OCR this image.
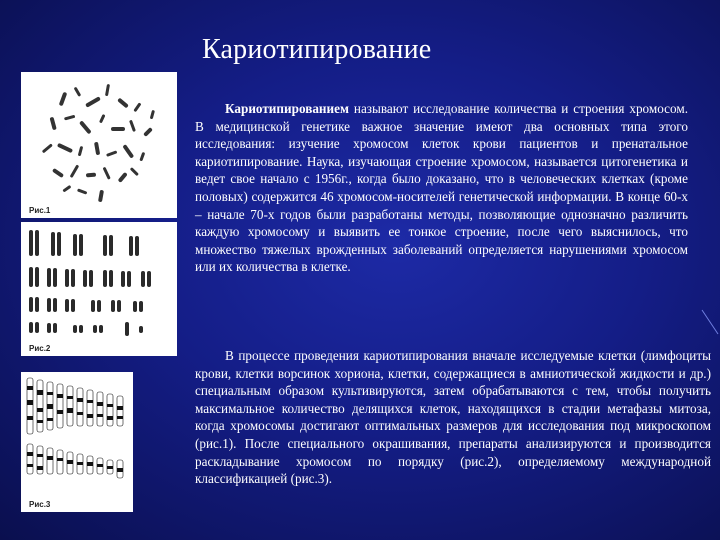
Кариотипирование
Рис.1
Рис.2
Рис.3

Кариотипированием называют исследование количества и строения хромосом. В медицинской генетике важное значение имеют два основных типа этого исследования: изучение хромосом клеток крови пациентов и пренатальное кариотипирование. Наука, изучающая строение хромосом, называется цитогенетика и ведет свое начало с 1956г., когда было доказано, что в человеческих клетках (кроме половых) содержится 46 хромосом-носителей генетической информации. В конце 60-х – начале 70-х годов были разработаны методы, позволяющие однозначно различить каждую хромосому и выявить ее тонкое строение, после чего выяснилось, что множество тяжелых врожденных заболеваний определяется нарушениями хромосом или их количества в клетке.

В процессе проведения кариотипирования вначале исследуемые клетки (лимфоциты крови, клетки ворсинок хориона, клетки, содержащиеся в амниотической жидкости и др.) специальным образом культивируются, затем обрабатываются с тем, чтобы получить максимальное количество делящихся клеток, находящихся в стадии метафазы митоза, когда хромосомы достигают оптимальных размеров для исследования под микроскопом (рис.1). После специального окрашивания, препараты анализируются и производится раскладывание хромосом по порядку (рис.2), определяемому международной классификацией (рис.3).
